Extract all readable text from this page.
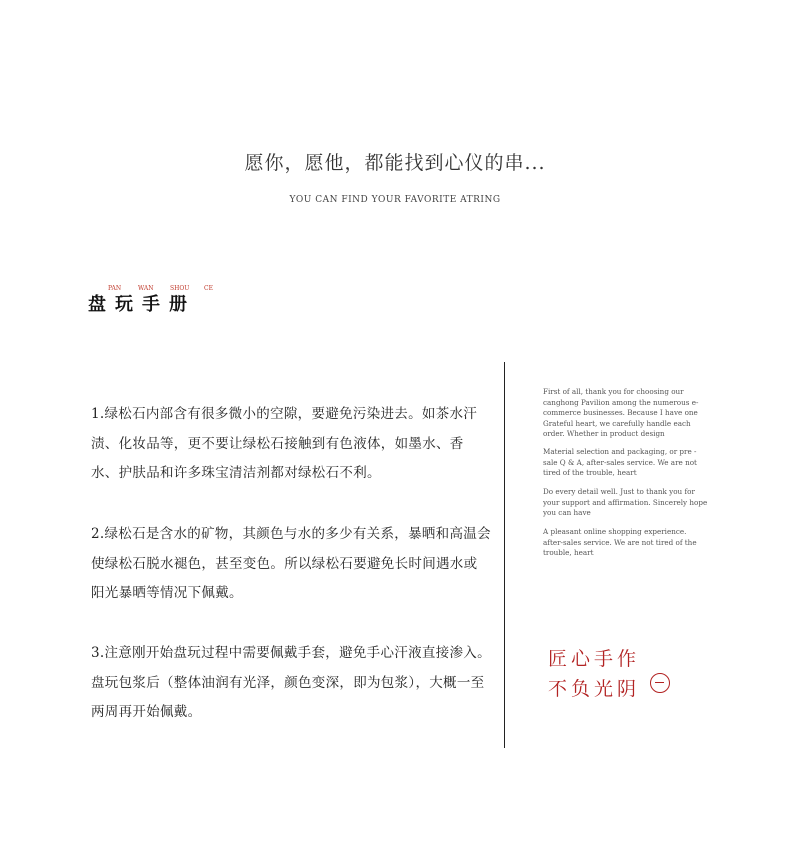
愿你，愿他，都能找到心仪的串...
YOU CAN FIND YOUR FAVORITE ATRING
盘玩手册
PAN	WAN	SHOU CE
1.绿松石内部含有很多微小的空隙，要避免污染进去。如茶水汗渍、化妆品等，更不要让绿松石接触到有色液体，如墨水、香水、护肤品和许多珠宝清洁剂都对绿松石不利。
2.绿松石是含水的矿物，其颜色与水的多少有关系，暴晒和高温会使绿松石脱水褪色，甚至变色。所以绿松石要避免长时间遇水或阳光暴晒等情况下佩戴。
3.注意刚开始盘玩过程中需要佩戴手套，避免手心汗液直接渗入。盘玩包浆后（整体油润有光泽，颜色变深，即为包浆），大概一至两周再开始佩戴。
First of all, thank you for choosing our canghong Pavilion among the numerous e-commerce businesses. Because I have one Grateful heart, we carefully handle each order. Whether in product design
Material selection and packaging, or pre -sale Q & A, after-sales service. We are not tired of the trouble, heart
Do every detail well. Just to thank you for your support and affirmation. Sincerely hope you can have
A pleasant online shopping experience. after-sales service. We are not tired of the trouble, heart
匠心手作
不负光阴
